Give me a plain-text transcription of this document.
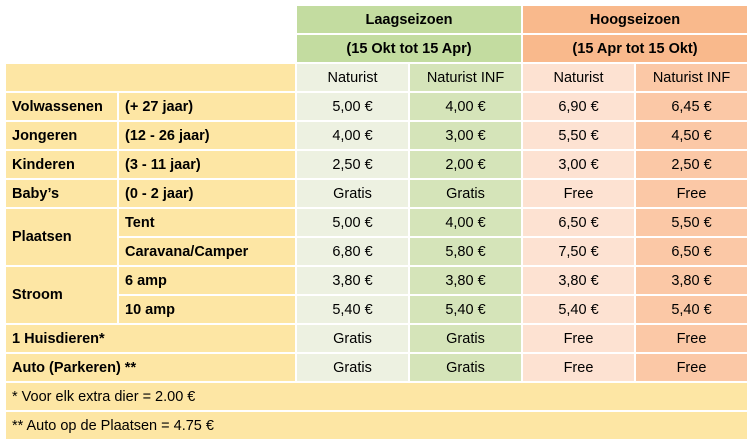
		Laagseizoen		Hoogseizoen	
		(15 Okt tot 15 Apr)		(15 Apr tot 15 Okt)	
		Naturist	Naturist INF	Naturist	Naturist INF
Volwassenen	(+ 27 jaar)	5,00 €	4,00 €	6,90 €	6,45 €
Jongeren	(12 - 26 jaar)	4,00 €	3,00 €	5,50 €	4,50 €
Kinderen	(3 - 11 jaar)	2,50 €	2,00 €	3,00 €	2,50 €
Baby’s	(0 - 2 jaar)	Gratis	Gratis	Free	Free
Plaatsen	Tent	5,00 €	4,00 €	6,50 €	5,50 €
	Caravana/Camper	6,80 €	5,80 €	7,50 €	6,50 €
Stroom	6 amp	3,80 €	3,80 €	3,80 €	3,80 €
	10 amp	5,40 €	5,40 €	5,40 €	5,40 €
1 Huisdieren*		Gratis	Gratis	Free	Free
Auto (Parkeren) **		Gratis	Gratis	Free	Free
* Voor elk extra dier = 2.00 €					
** Auto op de Plaatsen = 4.75 €					
